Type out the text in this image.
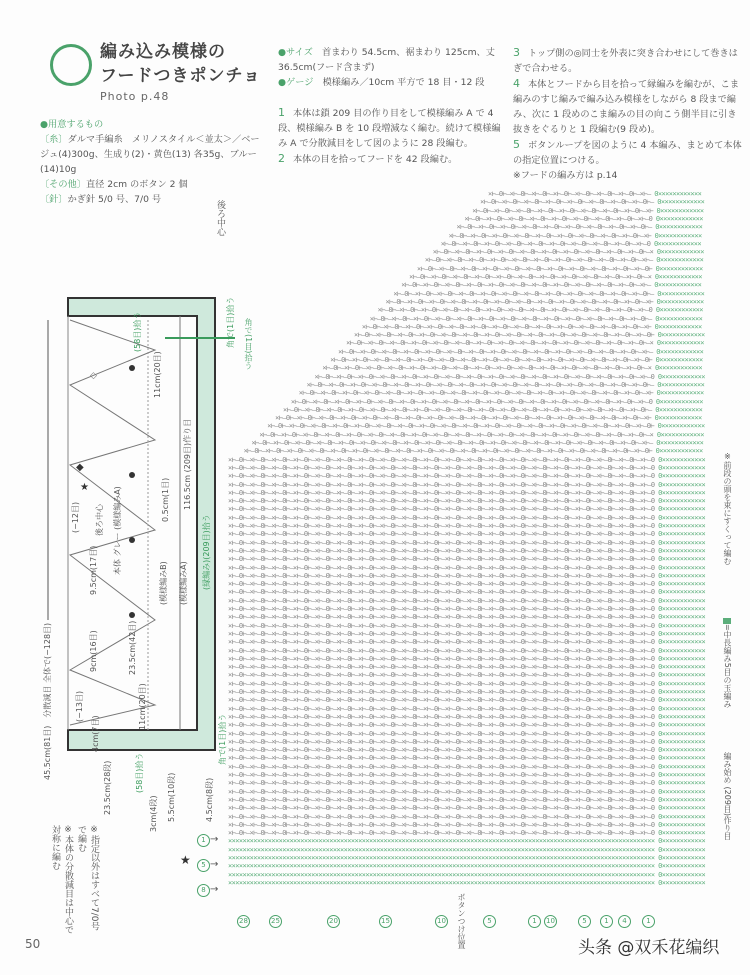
編み込み模様の
フードつきポンチョ
Photo p.48
●用意するもの
〔糸〕ダルマ手編糸　メリノスタイル＜並太＞／ベージュ(4)300g、生成り(2)・黄色(13) 各35g、ブルー(14)10g
〔その他〕直径 2cm のボタン 2 個
〔針〕かぎ針 5/0 号、7/0 号
●サイズ　 首まわり 54.5cm、裾まわり 125cm、丈 36.5cm(フード含まず)
●ゲージ　 模様編み／10cm 平方で 18 目・12 段
1 本体は鎖 209 目の作り目をして模様編み A で 4 段、模様編み B を 10 段増減なく編む。続けて模様編み A で分散減目をして図のように 28 段編む。
2 本体の目を拾ってフードを 42 段編む。
3 トップ側の◎同士を外表に突き合わせにして巻きはぎで合わせる。
4 本体とフードから目を拾って縁編みを編むが、こま編みのすじ編みで編み込み模様をしながら 8 段まで編み、次に 1 段めのこま編みの目の向こう側半目に引き抜きをぐるりと 1 段編む(9 段め)。
5 ボタンループを図のように 4 本編み、まとめて本体の指定位置につける。
※フードの編み方は p.14
◆
★
◇
45.5cm(81目)　分散減目 全体で(−128目)
(58目)拾う
(58目)拾う
11cm(20目)
11cm(20目)
116.5cm (209目)作り目
(縁編み)(209目)拾う
(模様編みA)
(模様編みB)
0.5cm(1目)
(−12目) 後ろ中心
9.5cm(17目) 本体 グレー (模様編みA)
9cm(16目)	23.5cm(42目)
(−13目)
4cm(7目)
角で(1目)拾う
角で(1目)拾う
23.5cm(28段)	5.5cm(10段)
3cm(4段)	4.5cm(8段)
※指定以外はすべて7/0号で編む
※本体の分散減目は中心で対称に編む
×⊢—0⊢—×⊢—0⊢—×⊢—0⊢—×⊢—0⊢—×⊢—0⊢—×⊢—0⊢—×⊢—0⊢—×⊢— 0××××××××××××
×⊢—0⊢—×⊢—0⊢—×⊢—0⊢—×⊢—0⊢—×⊢—0⊢—×⊢—0⊢—×⊢—0⊢—×⊢—0⊢— 0××××××××××××
×⊢—0⊢—×⊢—0⊢—×⊢—0⊢—×⊢—0⊢—×⊢—0⊢—×⊢—0⊢—×⊢—0⊢—×⊢—0⊢—×⊢ 0××××××××××××
×⊢—0⊢—×⊢—0⊢—×⊢—0⊢—×⊢—0⊢—×⊢—0⊢—×⊢—0⊢—×⊢—0⊢—×⊢—0⊢—×⊢—0 0××××××××××××
×⊢—0⊢—×⊢—0⊢—×⊢—0⊢—×⊢—0⊢—×⊢—0⊢—×⊢—0⊢—×⊢—0⊢—×⊢—0⊢—×⊢—0⊢— 0××××××××××××
×⊢—0⊢—×⊢—0⊢—×⊢—0⊢—×⊢—0⊢—×⊢—0⊢—×⊢—0⊢—×⊢—0⊢—×⊢—0⊢—×⊢—0⊢—×⊢ 0××××××××××××
×⊢—0⊢—×⊢—0⊢—×⊢—0⊢—×⊢—0⊢—×⊢—0⊢—×⊢—0⊢—×⊢—0⊢—×⊢—0⊢—×⊢—0⊢—×⊢—0 0××××××××××××
×⊢—0⊢—×⊢—0⊢—×⊢—0⊢—×⊢—0⊢—×⊢—0⊢—×⊢—0⊢—×⊢—0⊢—×⊢—0⊢—×⊢—0⊢—×⊢—0⊢—× 0××××××××××××
×⊢—0⊢—×⊢—0⊢—×⊢—0⊢—×⊢—0⊢—×⊢—0⊢—×⊢—0⊢—×⊢—0⊢—×⊢—0⊢—×⊢—0⊢—×⊢—0⊢—×⊢— 0××××××××××××
×⊢—0⊢—×⊢—0⊢—×⊢—0⊢—×⊢—0⊢—×⊢—0⊢—×⊢—0⊢—×⊢—0⊢—×⊢—0⊢—×⊢—0⊢—×⊢—0⊢—×⊢—0⊢ 0××××××××××××
×⊢—0⊢—×⊢—0⊢—×⊢—0⊢—×⊢—0⊢—×⊢—0⊢—×⊢—0⊢—×⊢—0⊢—×⊢—0⊢—×⊢—0⊢—×⊢—0⊢—×⊢—0⊢—× 0××××××××××××
×⊢—0⊢—×⊢—0⊢—×⊢—0⊢—×⊢—0⊢—×⊢—0⊢—×⊢—0⊢—×⊢—0⊢—×⊢—0⊢—×⊢—0⊢—×⊢—0⊢—×⊢—0⊢—×⊢— 0××××××××××××
×⊢—0⊢—×⊢—0⊢—×⊢—0⊢—×⊢—0⊢—×⊢—0⊢—×⊢—0⊢—×⊢—0⊢—×⊢—0⊢—×⊢—0⊢—×⊢—0⊢—×⊢—0⊢—×⊢—0⊢— 0××××××××××××
×⊢—0⊢—×⊢—0⊢—×⊢—0⊢—×⊢—0⊢—×⊢—0⊢—×⊢—0⊢—×⊢—0⊢—×⊢—0⊢—×⊢—0⊢—×⊢—0⊢—×⊢—0⊢—×⊢—0⊢—×⊢ 0××××××××××××
×⊢—0⊢—×⊢—0⊢—×⊢—0⊢—×⊢—0⊢—×⊢—0⊢—×⊢—0⊢—×⊢—0⊢—×⊢—0⊢—×⊢—0⊢—×⊢—0⊢—×⊢—0⊢—×⊢—0⊢—×⊢—0 0××××××××××××
×⊢—0⊢—×⊢—0⊢—×⊢—0⊢—×⊢—0⊢—×⊢—0⊢—×⊢—0⊢—×⊢—0⊢—×⊢—0⊢—×⊢—0⊢—×⊢—0⊢—×⊢—0⊢—×⊢—0⊢—×⊢—0⊢— 0××××××××××××
×⊢—0⊢—×⊢—0⊢—×⊢—0⊢—×⊢—0⊢—×⊢—0⊢—×⊢—0⊢—×⊢—0⊢—×⊢—0⊢—×⊢—0⊢—×⊢—0⊢—×⊢—0⊢—×⊢—0⊢—×⊢—0⊢—×⊢ 0××××××××××××
×⊢—0⊢—×⊢—0⊢—×⊢—0⊢—×⊢—0⊢—×⊢—0⊢—×⊢—0⊢—×⊢—0⊢—×⊢—0⊢—×⊢—0⊢—×⊢—0⊢—×⊢—0⊢—×⊢—0⊢—×⊢—0⊢—×⊢—0⊢ 0××××××××××××
×⊢—0⊢—×⊢—0⊢—×⊢—0⊢—×⊢—0⊢—×⊢—0⊢—×⊢—0⊢—×⊢—0⊢—×⊢—0⊢—×⊢—0⊢—×⊢—0⊢—×⊢—0⊢—×⊢—0⊢—×⊢—0⊢—×⊢—0⊢—× 0××××××××××××
×⊢—0⊢—×⊢—0⊢—×⊢—0⊢—×⊢—0⊢—×⊢—0⊢—×⊢—0⊢—×⊢—0⊢—×⊢—0⊢—×⊢—0⊢—×⊢—0⊢—×⊢—0⊢—×⊢—0⊢—×⊢—0⊢—×⊢—0⊢—×⊢— 0××××××××××××
×⊢—0⊢—×⊢—0⊢—×⊢—0⊢—×⊢—0⊢—×⊢—0⊢—×⊢—0⊢—×⊢—0⊢—×⊢—0⊢—×⊢—0⊢—×⊢—0⊢—×⊢—0⊢—×⊢—0⊢—×⊢—0⊢—×⊢—0⊢—×⊢—0⊢ 0××××××××××××
×⊢—0⊢—×⊢—0⊢—×⊢—0⊢—×⊢—0⊢—×⊢—0⊢—×⊢—0⊢—×⊢—0⊢—×⊢—0⊢—×⊢—0⊢—×⊢—0⊢—×⊢—0⊢—×⊢—0⊢—×⊢—0⊢—×⊢—0⊢—×⊢—0⊢—× 0××××××××××××
×⊢—0⊢—×⊢—0⊢—×⊢—0⊢—×⊢—0⊢—×⊢—0⊢—×⊢—0⊢—×⊢—0⊢—×⊢—0⊢—×⊢—0⊢—×⊢—0⊢—×⊢—0⊢—×⊢—0⊢—×⊢—0⊢—×⊢—0⊢—×⊢—0⊢—×⊢—0 0××××××××××××
×⊢—0⊢—×⊢—0⊢—×⊢—0⊢—×⊢—0⊢—×⊢—0⊢—×⊢—0⊢—×⊢—0⊢—×⊢—0⊢—×⊢—0⊢—×⊢—0⊢—×⊢—0⊢—×⊢—0⊢—×⊢—0⊢—×⊢—0⊢—×⊢—0⊢—×⊢—0⊢— 0××××××××××××
×⊢—0⊢—×⊢—0⊢—×⊢—0⊢—×⊢—0⊢—×⊢—0⊢—×⊢—0⊢—×⊢—0⊢—×⊢—0⊢—×⊢—0⊢—×⊢—0⊢—×⊢—0⊢—×⊢—0⊢—×⊢—0⊢—×⊢—0⊢—×⊢—0⊢—×⊢—0⊢—×⊢ 0××××××××××××
×⊢—0⊢—×⊢—0⊢—×⊢—0⊢—×⊢—0⊢—×⊢—0⊢—×⊢—0⊢—×⊢—0⊢—×⊢—0⊢—×⊢—0⊢—×⊢—0⊢—×⊢—0⊢—×⊢—0⊢—×⊢—0⊢—×⊢—0⊢—×⊢—0⊢—×⊢—0⊢—×⊢—0 0××××××××××××
×⊢—0⊢—×⊢—0⊢—×⊢—0⊢—×⊢—0⊢—×⊢—0⊢—×⊢—0⊢—×⊢—0⊢—×⊢—0⊢—×⊢—0⊢—×⊢—0⊢—×⊢—0⊢—×⊢—0⊢—×⊢—0⊢—×⊢—0⊢—×⊢—0⊢—×⊢—0⊢—×⊢—0⊢— 0××××××××××××
×⊢—0⊢—×⊢—0⊢—×⊢—0⊢—×⊢—0⊢—×⊢—0⊢—×⊢—0⊢—×⊢—0⊢—×⊢—0⊢—×⊢—0⊢—×⊢—0⊢—×⊢—0⊢—×⊢—0⊢—×⊢—0⊢—×⊢—0⊢—×⊢—0⊢—×⊢—0⊢—×⊢—0⊢—×⊢ 0××××××××××××
×⊢—0⊢—×⊢—0⊢—×⊢—0⊢—×⊢—0⊢—×⊢—0⊢—×⊢—0⊢—×⊢—0⊢—×⊢—0⊢—×⊢—0⊢—×⊢—0⊢—×⊢—0⊢—×⊢—0⊢—×⊢—0⊢—×⊢—0⊢—×⊢—0⊢—×⊢—0⊢—×⊢—0⊢—×⊢—0⊢ 0××××××××××××
×⊢—0⊢—×⊢—0⊢—×⊢—0⊢—×⊢—0⊢—×⊢—0⊢—×⊢—0⊢—×⊢—0⊢—×⊢—0⊢—×⊢—0⊢—×⊢—0⊢—×⊢—0⊢—×⊢—0⊢—×⊢—0⊢—×⊢—0⊢—×⊢—0⊢—×⊢—0⊢—×⊢—0⊢—×⊢—0⊢—× 0××××××××××××
×⊢—0⊢—×⊢—0⊢—×⊢—0⊢—×⊢—0⊢—×⊢—0⊢—×⊢—0⊢—×⊢—0⊢—×⊢—0⊢—×⊢—0⊢—×⊢—0⊢—×⊢—0⊢—×⊢—0⊢—×⊢—0⊢—×⊢—0⊢—×⊢—0⊢—×⊢—0⊢—×⊢—0⊢—×⊢—0⊢—×⊢— 0××××××××××××
×⊢—0⊢—×⊢—0⊢—×⊢—0⊢—×⊢—0⊢—×⊢—0⊢—×⊢—0⊢—×⊢—0⊢—×⊢—0⊢—×⊢—0⊢—×⊢—0⊢—×⊢—0⊢—×⊢—0⊢—×⊢—0⊢—×⊢—0⊢—×⊢—0⊢—×⊢—0⊢—×⊢—0⊢—×⊢—0⊢—×⊢—0⊢ 0××××××××××××
×⊢—0⊢—×⊢—0⊢—×⊢—0⊢—×⊢—0⊢—×⊢—0⊢—×⊢—0⊢—×⊢—0⊢—×⊢—0⊢—×⊢—0⊢—×⊢—0⊢—×⊢—0⊢—×⊢—0⊢—×⊢—0⊢—×⊢—0⊢—×⊢—0⊢—×⊢—0⊢—×⊢—0⊢—×⊢—0⊢—×⊢—0⊢—×⊢—0 0××××××××××××
×⊢—0⊢—×⊢—0⊢—×⊢—0⊢—×⊢—0⊢—×⊢—0⊢—×⊢—0⊢—×⊢—0⊢—×⊢—0⊢—×⊢—0⊢—×⊢—0⊢—×⊢—0⊢—×⊢—0⊢—×⊢—0⊢—×⊢—0⊢—×⊢—0⊢—×⊢—0⊢—×⊢—0⊢—×⊢—0⊢—×⊢—0⊢—×⊢—0 0××××××××××××
×⊢—0⊢—×⊢—0⊢—×⊢—0⊢—×⊢—0⊢—×⊢—0⊢—×⊢—0⊢—×⊢—0⊢—×⊢—0⊢—×⊢—0⊢—×⊢—0⊢—×⊢—0⊢—×⊢—0⊢—×⊢—0⊢—×⊢—0⊢—×⊢—0⊢—×⊢—0⊢—×⊢—0⊢—×⊢—0⊢—×⊢—0⊢—×⊢—0 0××××××××××××
×⊢—0⊢—×⊢—0⊢—×⊢—0⊢—×⊢—0⊢—×⊢—0⊢—×⊢—0⊢—×⊢—0⊢—×⊢—0⊢—×⊢—0⊢—×⊢—0⊢—×⊢—0⊢—×⊢—0⊢—×⊢—0⊢—×⊢—0⊢—×⊢—0⊢—×⊢—0⊢—×⊢—0⊢—×⊢—0⊢—×⊢—0⊢—×⊢—0 0××××××××××××
×⊢—0⊢—×⊢—0⊢—×⊢—0⊢—×⊢—0⊢—×⊢—0⊢—×⊢—0⊢—×⊢—0⊢—×⊢—0⊢—×⊢—0⊢—×⊢—0⊢—×⊢—0⊢—×⊢—0⊢—×⊢—0⊢—×⊢—0⊢—×⊢—0⊢—×⊢—0⊢—×⊢—0⊢—×⊢—0⊢—×⊢—0⊢—×⊢—0 0××××××××××××
×⊢—0⊢—×⊢—0⊢—×⊢—0⊢—×⊢—0⊢—×⊢—0⊢—×⊢—0⊢—×⊢—0⊢—×⊢—0⊢—×⊢—0⊢—×⊢—0⊢—×⊢—0⊢—×⊢—0⊢—×⊢—0⊢—×⊢—0⊢—×⊢—0⊢—×⊢—0⊢—×⊢—0⊢—×⊢—0⊢—×⊢—0⊢—×⊢—0 0××××××××××××
×⊢—0⊢—×⊢—0⊢—×⊢—0⊢—×⊢—0⊢—×⊢—0⊢—×⊢—0⊢—×⊢—0⊢—×⊢—0⊢—×⊢—0⊢—×⊢—0⊢—×⊢—0⊢—×⊢—0⊢—×⊢—0⊢—×⊢—0⊢—×⊢—0⊢—×⊢—0⊢—×⊢—0⊢—×⊢—0⊢—×⊢—0⊢—×⊢—0 0××××××××××××
×⊢—0⊢—×⊢—0⊢—×⊢—0⊢—×⊢—0⊢—×⊢—0⊢—×⊢—0⊢—×⊢—0⊢—×⊢—0⊢—×⊢—0⊢—×⊢—0⊢—×⊢—0⊢—×⊢—0⊢—×⊢—0⊢—×⊢—0⊢—×⊢—0⊢—×⊢—0⊢—×⊢—0⊢—×⊢—0⊢—×⊢—0⊢—×⊢—0 0××××××××××××
×⊢—0⊢—×⊢—0⊢—×⊢—0⊢—×⊢—0⊢—×⊢—0⊢—×⊢—0⊢—×⊢—0⊢—×⊢—0⊢—×⊢—0⊢—×⊢—0⊢—×⊢—0⊢—×⊢—0⊢—×⊢—0⊢—×⊢—0⊢—×⊢—0⊢—×⊢—0⊢—×⊢—0⊢—×⊢—0⊢—×⊢—0⊢—×⊢—0 0××××××××××××
×⊢—0⊢—×⊢—0⊢—×⊢—0⊢—×⊢—0⊢—×⊢—0⊢—×⊢—0⊢—×⊢—0⊢—×⊢—0⊢—×⊢—0⊢—×⊢—0⊢—×⊢—0⊢—×⊢—0⊢—×⊢—0⊢—×⊢—0⊢—×⊢—0⊢—×⊢—0⊢—×⊢—0⊢—×⊢—0⊢—×⊢—0⊢—×⊢—0 0××××××××××××
×⊢—0⊢—×⊢—0⊢—×⊢—0⊢—×⊢—0⊢—×⊢—0⊢—×⊢—0⊢—×⊢—0⊢—×⊢—0⊢—×⊢—0⊢—×⊢—0⊢—×⊢—0⊢—×⊢—0⊢—×⊢—0⊢—×⊢—0⊢—×⊢—0⊢—×⊢—0⊢—×⊢—0⊢—×⊢—0⊢—×⊢—0⊢—×⊢—0 0××××××××××××
×⊢—0⊢—×⊢—0⊢—×⊢—0⊢—×⊢—0⊢—×⊢—0⊢—×⊢—0⊢—×⊢—0⊢—×⊢—0⊢—×⊢—0⊢—×⊢—0⊢—×⊢—0⊢—×⊢—0⊢—×⊢—0⊢—×⊢—0⊢—×⊢—0⊢—×⊢—0⊢—×⊢—0⊢—×⊢—0⊢—×⊢—0⊢—×⊢—0 0××××××××××××
×⊢—0⊢—×⊢—0⊢—×⊢—0⊢—×⊢—0⊢—×⊢—0⊢—×⊢—0⊢—×⊢—0⊢—×⊢—0⊢—×⊢—0⊢—×⊢—0⊢—×⊢—0⊢—×⊢—0⊢—×⊢—0⊢—×⊢—0⊢—×⊢—0⊢—×⊢—0⊢—×⊢—0⊢—×⊢—0⊢—×⊢—0⊢—×⊢—0 0××××××××××××
×⊢—0⊢—×⊢—0⊢—×⊢—0⊢—×⊢—0⊢—×⊢—0⊢—×⊢—0⊢—×⊢—0⊢—×⊢—0⊢—×⊢—0⊢—×⊢—0⊢—×⊢—0⊢—×⊢—0⊢—×⊢—0⊢—×⊢—0⊢—×⊢—0⊢—×⊢—0⊢—×⊢—0⊢—×⊢—0⊢—×⊢—0⊢—×⊢—0 0××××××××××××
×⊢—0⊢—×⊢—0⊢—×⊢—0⊢—×⊢—0⊢—×⊢—0⊢—×⊢—0⊢—×⊢—0⊢—×⊢—0⊢—×⊢—0⊢—×⊢—0⊢—×⊢—0⊢—×⊢—0⊢—×⊢—0⊢—×⊢—0⊢—×⊢—0⊢—×⊢—0⊢—×⊢—0⊢—×⊢—0⊢—×⊢—0⊢—×⊢—0 0××××××××××××
×⊢—0⊢—×⊢—0⊢—×⊢—0⊢—×⊢—0⊢—×⊢—0⊢—×⊢—0⊢—×⊢—0⊢—×⊢—0⊢—×⊢—0⊢—×⊢—0⊢—×⊢—0⊢—×⊢—0⊢—×⊢—0⊢—×⊢—0⊢—×⊢—0⊢—×⊢—0⊢—×⊢—0⊢—×⊢—0⊢—×⊢—0⊢—×⊢—0 0××××××××××××
×⊢—0⊢—×⊢—0⊢—×⊢—0⊢—×⊢—0⊢—×⊢—0⊢—×⊢—0⊢—×⊢—0⊢—×⊢—0⊢—×⊢—0⊢—×⊢—0⊢—×⊢—0⊢—×⊢—0⊢—×⊢—0⊢—×⊢—0⊢—×⊢—0⊢—×⊢—0⊢—×⊢—0⊢—×⊢—0⊢—×⊢—0⊢—×⊢—0 0××××××××××××
×⊢—0⊢—×⊢—0⊢—×⊢—0⊢—×⊢—0⊢—×⊢—0⊢—×⊢—0⊢—×⊢—0⊢—×⊢—0⊢—×⊢—0⊢—×⊢—0⊢—×⊢—0⊢—×⊢—0⊢—×⊢—0⊢—×⊢—0⊢—×⊢—0⊢—×⊢—0⊢—×⊢—0⊢—×⊢—0⊢—×⊢—0⊢—×⊢—0 0××××××××××××
×⊢—0⊢—×⊢—0⊢—×⊢—0⊢—×⊢—0⊢—×⊢—0⊢—×⊢—0⊢—×⊢—0⊢—×⊢—0⊢—×⊢—0⊢—×⊢—0⊢—×⊢—0⊢—×⊢—0⊢—×⊢—0⊢—×⊢—0⊢—×⊢—0⊢—×⊢—0⊢—×⊢—0⊢—×⊢—0⊢—×⊢—0⊢—×⊢—0 0××××××××××××
×⊢—0⊢—×⊢—0⊢—×⊢—0⊢—×⊢—0⊢—×⊢—0⊢—×⊢—0⊢—×⊢—0⊢—×⊢—0⊢—×⊢—0⊢—×⊢—0⊢—×⊢—0⊢—×⊢—0⊢—×⊢—0⊢—×⊢—0⊢—×⊢—0⊢—×⊢—0⊢—×⊢—0⊢—×⊢—0⊢—×⊢—0⊢—×⊢—0 0××××××××××××
×⊢—0⊢—×⊢—0⊢—×⊢—0⊢—×⊢—0⊢—×⊢—0⊢—×⊢—0⊢—×⊢—0⊢—×⊢—0⊢—×⊢—0⊢—×⊢—0⊢—×⊢—0⊢—×⊢—0⊢—×⊢—0⊢—×⊢—0⊢—×⊢—0⊢—×⊢—0⊢—×⊢—0⊢—×⊢—0⊢—×⊢—0⊢—×⊢—0 0××××××××××××
×⊢—0⊢—×⊢—0⊢—×⊢—0⊢—×⊢—0⊢—×⊢—0⊢—×⊢—0⊢—×⊢—0⊢—×⊢—0⊢—×⊢—0⊢—×⊢—0⊢—×⊢—0⊢—×⊢—0⊢—×⊢—0⊢—×⊢—0⊢—×⊢—0⊢—×⊢—0⊢—×⊢—0⊢—×⊢—0⊢—×⊢—0⊢—×⊢—0 0××××××××××××
×⊢—0⊢—×⊢—0⊢—×⊢—0⊢—×⊢—0⊢—×⊢—0⊢—×⊢—0⊢—×⊢—0⊢—×⊢—0⊢—×⊢—0⊢—×⊢—0⊢—×⊢—0⊢—×⊢—0⊢—×⊢—0⊢—×⊢—0⊢—×⊢—0⊢—×⊢—0⊢—×⊢—0⊢—×⊢—0⊢—×⊢—0⊢—×⊢—0 0××××××××××××
×⊢—0⊢—×⊢—0⊢—×⊢—0⊢—×⊢—0⊢—×⊢—0⊢—×⊢—0⊢—×⊢—0⊢—×⊢—0⊢—×⊢—0⊢—×⊢—0⊢—×⊢—0⊢—×⊢—0⊢—×⊢—0⊢—×⊢—0⊢—×⊢—0⊢—×⊢—0⊢—×⊢—0⊢—×⊢—0⊢—×⊢—0⊢—×⊢—0 0××××××××××××
×⊢—0⊢—×⊢—0⊢—×⊢—0⊢—×⊢—0⊢—×⊢—0⊢—×⊢—0⊢—×⊢—0⊢—×⊢—0⊢—×⊢—0⊢—×⊢—0⊢—×⊢—0⊢—×⊢—0⊢—×⊢—0⊢—×⊢—0⊢—×⊢—0⊢—×⊢—0⊢—×⊢—0⊢—×⊢—0⊢—×⊢—0⊢—×⊢—0 0××××××××××××
×⊢—0⊢—×⊢—0⊢—×⊢—0⊢—×⊢—0⊢—×⊢—0⊢—×⊢—0⊢—×⊢—0⊢—×⊢—0⊢—×⊢—0⊢—×⊢—0⊢—×⊢—0⊢—×⊢—0⊢—×⊢—0⊢—×⊢—0⊢—×⊢—0⊢—×⊢—0⊢—×⊢—0⊢—×⊢—0⊢—×⊢—0⊢—×⊢—0 0××××××××××××
×⊢—0⊢—×⊢—0⊢—×⊢—0⊢—×⊢—0⊢—×⊢—0⊢—×⊢—0⊢—×⊢—0⊢—×⊢—0⊢—×⊢—0⊢—×⊢—0⊢—×⊢—0⊢—×⊢—0⊢—×⊢—0⊢—×⊢—0⊢—×⊢—0⊢—×⊢—0⊢—×⊢—0⊢—×⊢—0⊢—×⊢—0⊢—×⊢—0 0××××××××××××
×⊢—0⊢—×⊢—0⊢—×⊢—0⊢—×⊢—0⊢—×⊢—0⊢—×⊢—0⊢—×⊢—0⊢—×⊢—0⊢—×⊢—0⊢—×⊢—0⊢—×⊢—0⊢—×⊢—0⊢—×⊢—0⊢—×⊢—0⊢—×⊢—0⊢—×⊢—0⊢—×⊢—0⊢—×⊢—0⊢—×⊢—0⊢—×⊢—0 0××××××××××××
×⊢—0⊢—×⊢—0⊢—×⊢—0⊢—×⊢—0⊢—×⊢—0⊢—×⊢—0⊢—×⊢—0⊢—×⊢—0⊢—×⊢—0⊢—×⊢—0⊢—×⊢—0⊢—×⊢—0⊢—×⊢—0⊢—×⊢—0⊢—×⊢—0⊢—×⊢—0⊢—×⊢—0⊢—×⊢—0⊢—×⊢—0⊢—×⊢—0 0××××××××××××
×⊢—0⊢—×⊢—0⊢—×⊢—0⊢—×⊢—0⊢—×⊢—0⊢—×⊢—0⊢—×⊢—0⊢—×⊢—0⊢—×⊢—0⊢—×⊢—0⊢—×⊢—0⊢—×⊢—0⊢—×⊢—0⊢—×⊢—0⊢—×⊢—0⊢—×⊢—0⊢—×⊢—0⊢—×⊢—0⊢—×⊢—0⊢—×⊢—0 0××××××××××××
×⊢—0⊢—×⊢—0⊢—×⊢—0⊢—×⊢—0⊢—×⊢—0⊢—×⊢—0⊢—×⊢—0⊢—×⊢—0⊢—×⊢—0⊢—×⊢—0⊢—×⊢—0⊢—×⊢—0⊢—×⊢—0⊢—×⊢—0⊢—×⊢—0⊢—×⊢—0⊢—×⊢—0⊢—×⊢—0⊢—×⊢—0⊢—×⊢—0 0××××××××××××
×⊢—0⊢—×⊢—0⊢—×⊢—0⊢—×⊢—0⊢—×⊢—0⊢—×⊢—0⊢—×⊢—0⊢—×⊢—0⊢—×⊢—0⊢—×⊢—0⊢—×⊢—0⊢—×⊢—0⊢—×⊢—0⊢—×⊢—0⊢—×⊢—0⊢—×⊢—0⊢—×⊢—0⊢—×⊢—0⊢—×⊢—0⊢—×⊢—0 0××××××××××××
×⊢—0⊢—×⊢—0⊢—×⊢—0⊢—×⊢—0⊢—×⊢—0⊢—×⊢—0⊢—×⊢—0⊢—×⊢—0⊢—×⊢—0⊢—×⊢—0⊢—×⊢—0⊢—×⊢—0⊢—×⊢—0⊢—×⊢—0⊢—×⊢—0⊢—×⊢—0⊢—×⊢—0⊢—×⊢—0⊢—×⊢—0⊢—×⊢—0 0××××××××××××
×⊢—0⊢—×⊢—0⊢—×⊢—0⊢—×⊢—0⊢—×⊢—0⊢—×⊢—0⊢—×⊢—0⊢—×⊢—0⊢—×⊢—0⊢—×⊢—0⊢—×⊢—0⊢—×⊢—0⊢—×⊢—0⊢—×⊢—0⊢—×⊢—0⊢—×⊢—0⊢—×⊢—0⊢—×⊢—0⊢—×⊢—0⊢—×⊢—0 0××××××××××××
×⊢—0⊢—×⊢—0⊢—×⊢—0⊢—×⊢—0⊢—×⊢—0⊢—×⊢—0⊢—×⊢—0⊢—×⊢—0⊢—×⊢—0⊢—×⊢—0⊢—×⊢—0⊢—×⊢—0⊢—×⊢—0⊢—×⊢—0⊢—×⊢—0⊢—×⊢—0⊢—×⊢—0⊢—×⊢—0⊢—×⊢—0⊢—×⊢—0 0××××××××××××
×⊢—0⊢—×⊢—0⊢—×⊢—0⊢—×⊢—0⊢—×⊢—0⊢—×⊢—0⊢—×⊢—0⊢—×⊢—0⊢—×⊢—0⊢—×⊢—0⊢—×⊢—0⊢—×⊢—0⊢—×⊢—0⊢—×⊢—0⊢—×⊢—0⊢—×⊢—0⊢—×⊢—0⊢—×⊢—0⊢—×⊢—0⊢—×⊢—0 0××××××××××××
×⊢—0⊢—×⊢—0⊢—×⊢—0⊢—×⊢—0⊢—×⊢—0⊢—×⊢—0⊢—×⊢—0⊢—×⊢—0⊢—×⊢—0⊢—×⊢—0⊢—×⊢—0⊢—×⊢—0⊢—×⊢—0⊢—×⊢—0⊢—×⊢—0⊢—×⊢—0⊢—×⊢—0⊢—×⊢—0⊢—×⊢—0⊢—×⊢—0 0××××××××××××
×⊢—0⊢—×⊢—0⊢—×⊢—0⊢—×⊢—0⊢—×⊢—0⊢—×⊢—0⊢—×⊢—0⊢—×⊢—0⊢—×⊢—0⊢—×⊢—0⊢—×⊢—0⊢—×⊢—0⊢—×⊢—0⊢—×⊢—0⊢—×⊢—0⊢—×⊢—0⊢—×⊢—0⊢—×⊢—0⊢—×⊢—0⊢—×⊢—0 0××××××××××××
×⊢—0⊢—×⊢—0⊢—×⊢—0⊢—×⊢—0⊢—×⊢—0⊢—×⊢—0⊢—×⊢—0⊢—×⊢—0⊢—×⊢—0⊢—×⊢—0⊢—×⊢—0⊢—×⊢—0⊢—×⊢—0⊢—×⊢—0⊢—×⊢—0⊢—×⊢—0⊢—×⊢—0⊢—×⊢—0⊢—×⊢—0⊢—×⊢—0 0××××××××××××
×⊢—0⊢—×⊢—0⊢—×⊢—0⊢—×⊢—0⊢—×⊢—0⊢—×⊢—0⊢—×⊢—0⊢—×⊢—0⊢—×⊢—0⊢—×⊢—0⊢—×⊢—0⊢—×⊢—0⊢—×⊢—0⊢—×⊢—0⊢—×⊢—0⊢—×⊢—0⊢—×⊢—0⊢—×⊢—0⊢—×⊢—0⊢—×⊢—0 0××××××××××××
×⊢—0⊢—×⊢—0⊢—×⊢—0⊢—×⊢—0⊢—×⊢—0⊢—×⊢—0⊢—×⊢—0⊢—×⊢—0⊢—×⊢—0⊢—×⊢—0⊢—×⊢—0⊢—×⊢—0⊢—×⊢—0⊢—×⊢—0⊢—×⊢—0⊢—×⊢—0⊢—×⊢—0⊢—×⊢—0⊢—×⊢—0⊢—×⊢—0 0××××××××××××
×⊢—0⊢—×⊢—0⊢—×⊢—0⊢—×⊢—0⊢—×⊢—0⊢—×⊢—0⊢—×⊢—0⊢—×⊢—0⊢—×⊢—0⊢—×⊢—0⊢—×⊢—0⊢—×⊢—0⊢—×⊢—0⊢—×⊢—0⊢—×⊢—0⊢—×⊢—0⊢—×⊢—0⊢—×⊢—0⊢—×⊢—0⊢—×⊢—0 0××××××××××××
×⊢—0⊢—×⊢—0⊢—×⊢—0⊢—×⊢—0⊢—×⊢—0⊢—×⊢—0⊢—×⊢—0⊢—×⊢—0⊢—×⊢—0⊢—×⊢—0⊢—×⊢—0⊢—×⊢—0⊢—×⊢—0⊢—×⊢—0⊢—×⊢—0⊢—×⊢—0⊢—×⊢—0⊢—×⊢—0⊢—×⊢—0⊢—×⊢—0 0××××××××××××
×⊢—0⊢—×⊢—0⊢—×⊢—0⊢—×⊢—0⊢—×⊢—0⊢—×⊢—0⊢—×⊢—0⊢—×⊢—0⊢—×⊢—0⊢—×⊢—0⊢—×⊢—0⊢—×⊢—0⊢—×⊢—0⊢—×⊢—0⊢—×⊢—0⊢—×⊢—0⊢—×⊢—0⊢—×⊢—0⊢—×⊢—0⊢—×⊢—0 0××××××××××××
×⊢—0⊢—×⊢—0⊢—×⊢—0⊢—×⊢—0⊢—×⊢—0⊢—×⊢—0⊢—×⊢—0⊢—×⊢—0⊢—×⊢—0⊢—×⊢—0⊢—×⊢—0⊢—×⊢—0⊢—×⊢—0⊢—×⊢—0⊢—×⊢—0⊢—×⊢—0⊢—×⊢—0⊢—×⊢—0⊢—×⊢—0⊢—×⊢—0 0××××××××××××
×⊢—0⊢—×⊢—0⊢—×⊢—0⊢—×⊢—0⊢—×⊢—0⊢—×⊢—0⊢—×⊢—0⊢—×⊢—0⊢—×⊢—0⊢—×⊢—0⊢—×⊢—0⊢—×⊢—0⊢—×⊢—0⊢—×⊢—0⊢—×⊢—0⊢—×⊢—0⊢—×⊢—0⊢—×⊢—0⊢—×⊢—0⊢—×⊢—0 0××××××××××××
×××××××××××××××××××××××××××××××××××××××××××××××××××××××××××××××××××××××××××××××××××××××××××××××××××××××××××××××××××××× 0××××××××××××
×××××××××××××××××××××××××××××××××××××××××××××××××××××××××××××××××××××××××××××××××××××××××××××××××××××××××××××××××××××× 0××××××××××××
×××××××××××××××××××××××××××××××××××××××××××××××××××××××××××××××××××××××××××××××××××××××××××××××××××××××××××××××××××××× 0××××××××××××
×××××××××××××××××××××××××××××××××××××××××××××××××××××××××××××××××××××××××××××××××××××××××××××××××××××××××××××××××××××× 0××××××××××××
×××××××××××××××××××××××××××××××××××××××××××××××××××××××××××××××××××××××××××××××××××××××××××××××××××××××××××××××××××××× 0××××××××××××
×××××××××××××××××××××××××××××××××××××××××××××××××××××××××××××××××××××××××××××××××××××××××××××××××××××××××××××××××××××× 0××××××××××××
後ろ中心
角で(1目)拾う
※前段の頭を束にすくって編む
=中長編み5目の玉編み
編み始め (209目)作り目
★
1 →
5 →
8 →
28	25	20	15	10	5	1	10	5	1	4	1
ボタンつけ位置
50	头条 @双禾花编织
